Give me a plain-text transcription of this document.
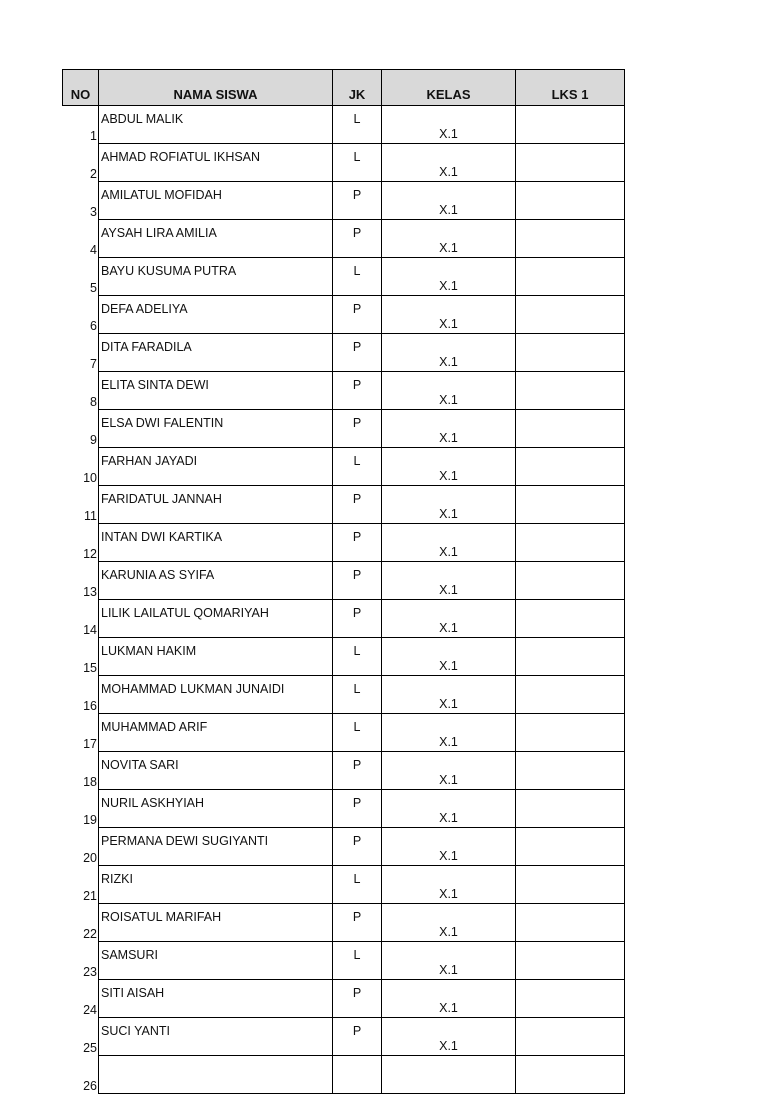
NO	NAMA SISWA	JK	KELAS	LKS 1
1	ABDUL MALIK	L	X.1	
2	AHMAD ROFIATUL IKHSAN	L	X.1	
3	AMILATUL MOFIDAH	P	X.1	
4	AYSAH LIRA AMILIA	P	X.1	
5	BAYU KUSUMA PUTRA	L	X.1	
6	DEFA ADELIYA	P	X.1	
7	DITA FARADILA	P	X.1	
8	ELITA SINTA DEWI	P	X.1	
9	ELSA DWI FALENTIN	P	X.1	
10	FARHAN JAYADI	L	X.1	
11	FARIDATUL JANNAH	P	X.1	
12	INTAN DWI KARTIKA	P	X.1	
13	KARUNIA AS SYIFA	P	X.1	
14	LILIK LAILATUL QOMARIYAH	P	X.1	
15	LUKMAN HAKIM	L	X.1	
16	MOHAMMAD LUKMAN JUNAIDI	L	X.1	
17	MUHAMMAD ARIF	L	X.1	
18	NOVITA SARI	P	X.1	
19	NURIL ASKHYIAH	P	X.1	
20	PERMANA DEWI SUGIYANTI	P	X.1	
21	RIZKI	L	X.1	
22	ROISATUL MARIFAH	P	X.1	
23	SAMSURI	L	X.1	
24	SITI AISAH	P	X.1	
25	SUCI YANTI	P	X.1	
26				
